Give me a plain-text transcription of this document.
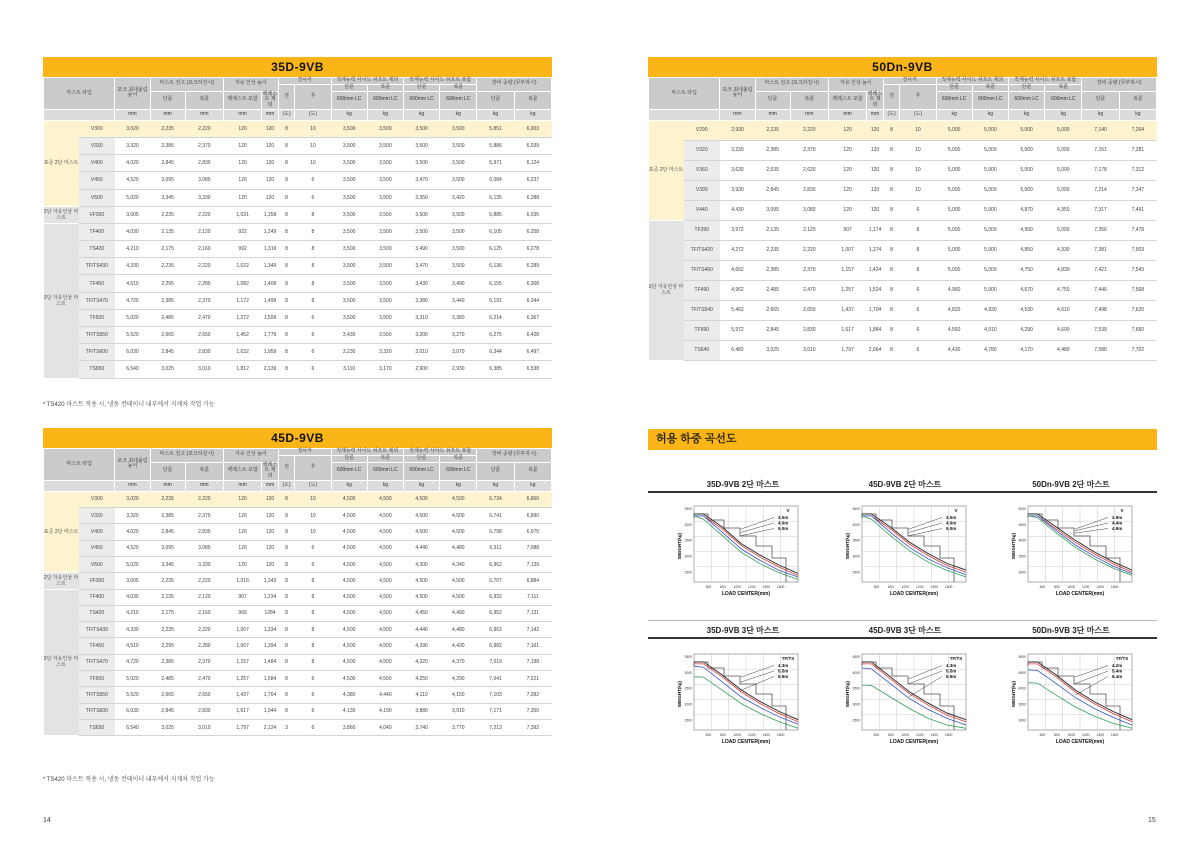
35D-9VB
마스트 타입		포크 최대올림 높이	마스트 전고 (포크하강시)		자유 인상 높이		경사각		적재능력 사이드 쉬프트 제외		적재능력 사이드 쉬프트 포함		장비 중량 (무부하시)	
							전	후	단륜	복륜	단륜	복륜		
			단륜	복륜	백레스트 포함	백레스트 제외			600mm LC	600mm LC	600mm LC	600mm LC	단륜	복륜
		mm	mm	mm	mm	mm	(도)	(도)	kg	kg	kg	kg	kg	kg
표준 2단 마스트	V300	3,020	2,235	2,220	120	120	8	10	3,500	3,500	3,500	3,500	5,851	6,003
	V330	3,320	2,385	2,370	120	120	8	10	3,500	3,500	3,500	3,500	5,886	6,039
	V400	4,020	2,845	2,830	120	120	8	10	3,500	3,500	3,500	3,500	5,971	6,124
	V450	4,520	3,095	3,080	120	120	8	6	3,500	3,500	3,470	3,500	6,084	6,237
	V500	5,020	3,345	3,330	120	120	8	6	3,500	3,500	3,350	3,420	6,135	6,288
2단 자유인상 마스트	VF300	3,005	2,235	2,220	1,031	1,358	8	8	3,500	3,500	3,500	3,500	5,885	6,035
3단 자유인상 마스트	TF400	4,030	2,135	2,120	922	1,249	8	8	3,500	3,500	3,500	3,500	6,105	6,258
	TS420	4,210	2,175	2,160	992	1,319	8	8	3,500	3,500	3,490	3,500	6,125	6,278
	TF/TS430	4,330	2,235	2,220	1,022	1,349	8	8	3,500	3,500	3,470	3,500	6,136	6,289
	TF450	4,510	2,295	2,280	1,082	1,409	8	8	3,500	3,500	3,430	3,490	6,155	6,308
	TF/TS470	4,720	2,385	2,370	1,172	1,499	8	8	3,500	3,500	3,380	3,440	6,191	6,344
	TF500	5,020	2,485	2,470	1,272	1,599	8	6	3,500	3,500	3,310	3,380	6,214	6,367
	TF/TS550	5,520	2,665	2,650	1,452	1,779	8	6	3,430	3,500	3,200	3,270	6,275	6,428
	TF/TS600	6,030	2,845	2,830	1,632	1,959	8	6	3,230	3,320	3,010	3,070	6,344	6,497
	TS650	6,540	3,025	3,010	1,812	2,139	8	6	3,110	3,170	2,900	2,930	6,385	6,538
* TS420 마스트 적용 시, 냉동 컨테이너 내부에서 지게차 작업 가능
45D-9VB
마스트 타입		포크 최대올림 높이	마스트 전고 (포크하강시)		자유 인상 높이		경사각		적재능력 사이드 쉬프트 제외		적재능력 사이드 쉬프트 포함		장비 중량 (무부하시)	
							전	후	단륜	복륜	단륜	복륜		
			단륜	복륜	백레스트 포함	백레스트 제외			600mm LC	600mm LC	600mm LC	600mm LC	단륜	복륜
		mm	mm	mm	mm	mm	(도)	(도)	kg	kg	kg	kg	kg	kg
표준 2단 마스트	V300	3,020	2,235	2,220	120	120	8	10	4,500	4,500	4,500	4,500	6,734	6,860
	V330	3,320	2,385	2,370	120	120	8	10	4,500	4,500	4,500	4,500	6,741	6,890
	V400	4,020	2,845	2,830	120	120	8	10	4,500	4,500	4,500	4,500	6,798	6,975
	V450	4,520	3,095	3,080	120	120	8	6	4,500	4,500	4,440	4,480	6,911	7,088
	V500	5,020	3,345	3,330	120	120	8	6	4,500	4,500	4,300	4,340	6,962	7,139
2단 자유인상 마스트	VF300	3,005	2,235	2,220	1,016	1,343	8	8	4,500	4,500	4,500	4,500	6,707	6,884
3단 자유인상 마스트	TF400	4,030	2,135	2,120	907	1,234	8	8	4,500	4,500	4,500	4,500	6,932	7,111
	TS420	4,210	2,175	2,160	966	1284	8	8	4,500	4,500	4,450	4,490	6,952	7,131
	TF/TS430	4,330	2,235	2,220	1,007	1,334	8	8	4,500	4,500	4,440	4,480	6,963	7,142
	TF450	4,510	2,295	2,280	1,067	1,394	8	8	4,500	4,500	4,390	4,430	6,982	7,161
	TF/TS470	4,720	2,385	2,370	1,157	1,484	8	8	4,500	4,500	4,320	4,370	7,019	7,198
	TF500	5,020	2,485	2,470	1,257	1,584	8	6	4,500	4,500	4,250	4,290	7,041	7,221
	TF/TS550	5,520	2,665	2,650	1,437	1,764	8	6	4,380	4,440	4,110	4,150	7,103	7,282
	TF/TS600	6,030	2,845	2,830	1,617	1,944	8	6	4,130	4,190	3,880	3,910	7,171	7,350
	TS650	6,540	3,025	3,010	1,797	2,124	3	6	3,860	4,040	3,740	3,770	7,213	7,392
* TS420 마스트 적용 시, 냉동 컨테이너 내부에서 지게차 작업 가능
50Dn-9VB
마스트 타입		포크 최대올림 높이	마스트 전고 (포크하강시)		자유 인상 높이		경사각		적재능력 사이드 쉬프트 제외		적재능력 사이드 쉬프트 포함		장비 중량 (무부하시)	
							전	후	단륜	복륜	단륜	복륜		
			단륜	복륜	백레스트 포함	백레스트 제외			600mm LC	600mm LC	600mm LC	600mm LC	단륜	복륜
		mm	mm	mm	mm	mm	(도)	(도)	kg	kg	kg	kg	kg	kg
표준 2단 마스트	V290	2,930	2,235	2,220	120	120	8	10	5,000	5,000	5,000	5,000	7,140	7,264
	V320	3,230	2,385	2,370	120	120	8	10	5,000	5,000	5,000	5,000	7,151	7,281
	V360	3,630	2,635	2,620	120	120	8	10	5,000	5,000	5,000	5,000	7,178	7,312
	V390	3,930	2,845	2,830	120	120	8	10	5,000	5,000	5,000	5,000	7,214	7,347
	V440	4,430	3,095	3,080	120	120	8	6	5,000	5,000	4,870	4,950	7,317	7,451
3단 자유인상 마스트	TF390	3,972	2,135	2,120	907	1,174	8	8	5,000	5,000	4,950	5,000	7,356	7,478
	TF/TS420	4,272	2,235	2,220	1,007	1,274	8	8	5,000	5,000	4,850	4,930	7,381	7,503
	TF/TS460	4,662	2,385	2,370	1,157	1,424	8	8	5,000	5,000	4,750	4,830	7,421	7,543
	TF490	4,962	2,485	2,470	1,257	1,524	8	6	4,960	5,000	4,670	4,750	7,446	7,568
	TF/TS540	5,462	2,665	2,650	1,437	1,704	8	6	4,820	4,930	4,530	4,610	7,498	7,620
	TF590	5,972	2,845	2,830	1,617	1,884	8	6	4,560	4,910	4,290	4,600	7,539	7,660
	TS640	6,482	3,025	3,010	1,797	2,064	8	6	4,430	4,780	4,170	4,480	7,580	7,702
허용 하중 곡선도
35D-9VB 2단 마스트	45D-9VB 2단 마스트	50Dn-9VB 2단 마스트
3500
3000
2500
2000
1500
600	800 1000 1200 1400 1600
V
3.0m
4.0m
5.0m
WEIGHT(kg)
LOAD CENTER(mm)
4500
4000
3500
3000
2500
600	800 1000 1200 1400 1600
V
3.0m
4.0m
5.0m
WEIGHT(kg)
LOAD CENTER(mm)
5000
4500
4000
3500
3000
600	800 1000 1200 1400 1600
V
2.9m
4.4m
4.9m
WEIGHT(kg)
LOAD CENTER(mm)
35D-9VB 3단 마스트	45D-9VB 3단 마스트	50Dn-9VB 3단 마스트
3500
3000
2500
2000
1500
600	800 1000 1200 1400 1600
TF/TS
4.3m
5.5m
6.5m
WEIGHT(kg)
LOAD CENTER(mm)
4500
4000
3500
3000
2500
600	800 1000 1200 1400 1600
TF/TS
4.3m
5.5m
6.5m
WEIGHT(kg)
LOAD CENTER(mm)
5000
4500
4000
3500
3000
600	800 1000 1200 1400 1600
TF/TS
4.2m
5.4m
6.4m
WEIGHT(kg)
LOAD CENTER(mm)
14	15
